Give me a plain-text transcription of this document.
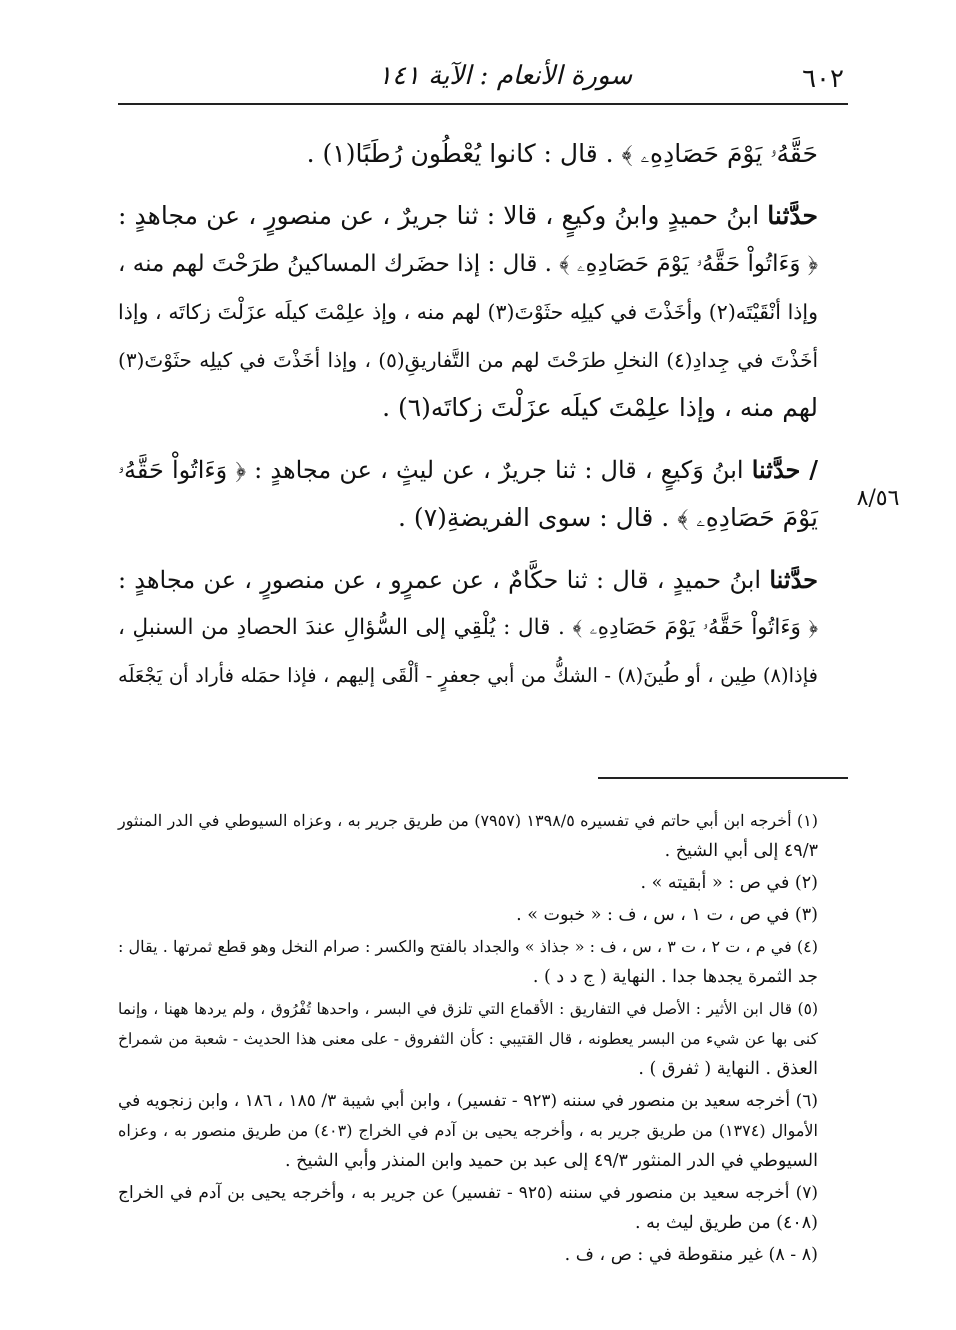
٦٠٢
سورة الأنعام : الآية ١٤١
٨/٥٦
حَقَّهُۥ يَوْمَ حَصَادِهِۦ ﴾ . قال : كانوا يُعْطُون رُطَبًا(١) .
حدَّثنا ابنُ حميدٍ وابنُ وكيعٍ ، قالا : ثنا جريرٌ ، عن منصورٍ ، عن مجاهدٍ :
﴿ وَءَاتُواْ حَقَّهُۥ يَوْمَ حَصَادِهِۦ ﴾ . قال : إذا حضَرك المساكينُ طرَحْتَ لهم منه ،
وإذا أنْقَيْتَه(٢) وأخَذْتَ في كيلِه حثَوْتَ(٣) لهم منه ، وإذ علِمْتَ كيلَه عزَلْتَ زكاتَه ، وإذا
أخَذْتَ في جِدادِ(٤) النخلِ طرَحْتَ لهم من التَّفاريقِ(٥) ، وإذا أخَذْتَ في كيلِه حثَوْتَ(٣)
لهم منه ، وإذا علِمْتَ كيلَه عزَلْتَ زكاتَه(٦) .
/ حدَّثنا ابنُ وَكيعٍ ، قال : ثنا جريرٌ ، عن ليثٍ ، عن مجاهدٍ : ﴿ وَءَاتُواْ حَقَّهُۥ
يَوْمَ حَصَادِهِۦ ﴾ . قال : سوى الفريضةِ(٧) .
حدَّثنا ابنُ حميدٍ ، قال : ثنا حكَّامٌ ، عن عمرٍو ، عن منصورٍ ، عن مجاهدٍ :
﴿ وَءَاتُواْ حَقَّهُۥ يَوْمَ حَصَادِهِۦ ﴾ . قال : يُلْقِي إلى السُّؤالِ عندَ الحصادِ من السنبلِ ،
فإذا(٨) طِين ، أو طُينَ(٨) - الشكُّ من أبي جعفرٍ - ألْقَى إليهم ، فإذا حمَله فأراد أن يَجْعَلَه
(١) أخرجه ابن أبي حاتم في تفسيره ١٣٩٨/٥ (٧٩٥٧) من طريق جرير به ، وعزاه السيوطي في الدر المنثور
٤٩/٣ إلى أبي الشيخ .
(٢) في ص : « أبقيته » .
(٣) في ص ، ت ١ ، س ، ف : « خبوت » .
(٤) في م ، ت ٢ ، ت ٣ ، س ، ف : « جذاذ » والجداد بالفتح والكسر : صرام النخل وهو قطع ثمرتها . يقال :
جد الثمرة يجدها جدا . النهاية ( ج د د ) .
(٥) قال ابن الأثير : الأصل في التفاريق : الأقماع التي تلزق في البسر ، واحدها تُفْرُوق ، ولم يردها ههنا ، وإنما
كنى بها عن شيء من البسر يعطونه ، قال القتيبي : كأن الثفروق - على معنى هذا الحديث - شعبة من شمراخ
العذق . النهاية ( ثفرق ) .
(٦) أخرجه سعيد بن منصور في سننه (٩٢٣ - تفسير) ، وابن أبي شيبة ٣/ ١٨٥ ، ١٨٦ ، وابن زنجويه في
الأموال (١٣٧٤) من طريق جرير به ، وأخرجه يحيى بن آدم في الخراج (٤٠٣) من طريق منصور به ، وعزاه
السيوطي في الدر المنثور ٤٩/٣ إلى عبد بن حميد وابن المنذر وأبي الشيخ .
(٧) أخرجه سعيد بن منصور في سننه (٩٢٥ - تفسير) عن جرير به ، وأخرجه يحيى بن آدم في الخراج
(٤٠٨) من طريق ليث به .
(٨ - ٨) غير منقوطة في : ص ، ف .
